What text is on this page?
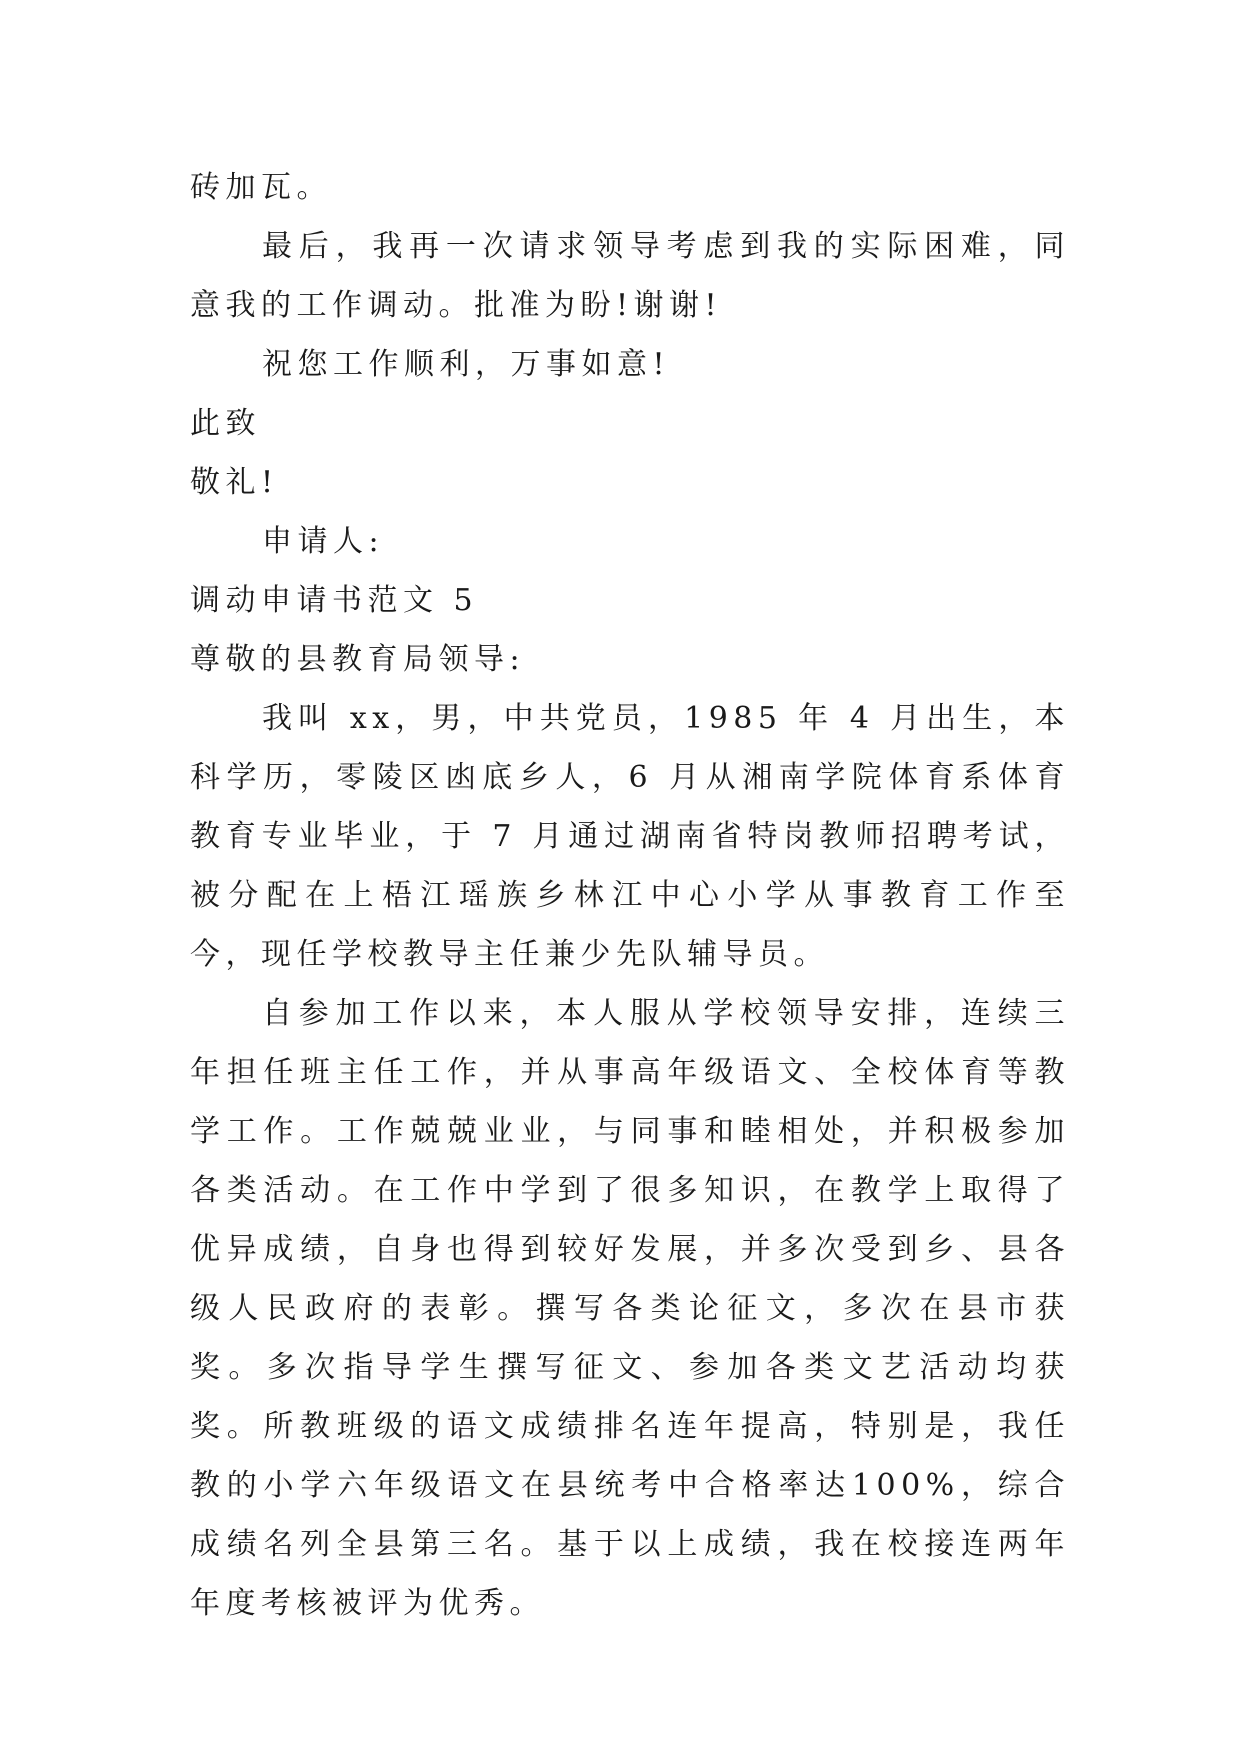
砖加瓦。

最后，我再一次请求领导考虑到我的实际困难，同意我的工作调动。批准为盼!谢谢!

祝您工作顺利，万事如意!

此致

敬礼!

申请人:

调动申请书范文 5

尊敬的县教育局领导:

我叫 xx，男，中共党员，1985 年 4 月出生，本科学历，零陵区凼底乡人，6 月从湘南学院体育系体育教育专业毕业，于 7 月通过湖南省特岗教师招聘考试，被分配在上梧江瑶族乡林江中心小学从事教育工作至今，现任学校教导主任兼少先队辅导员。

自参加工作以来，本人服从学校领导安排，连续三年担任班主任工作，并从事高年级语文、全校体育等教学工作。工作兢兢业业，与同事和睦相处，并积极参加各类活动。在工作中学到了很多知识，在教学上取得了优异成绩，自身也得到较好发展，并多次受到乡、县各级人民政府的表彰。撰写各类论征文，多次在县市获奖。多次指导学生撰写征文、参加各类文艺活动均获奖。所教班级的语文成绩排名连年提高，特别是，我任教的小学六年级语文在县统考中合格率达100%，综合成绩名列全县第三名。基于以上成绩，我在校接连两年年度考核被评为优秀。
